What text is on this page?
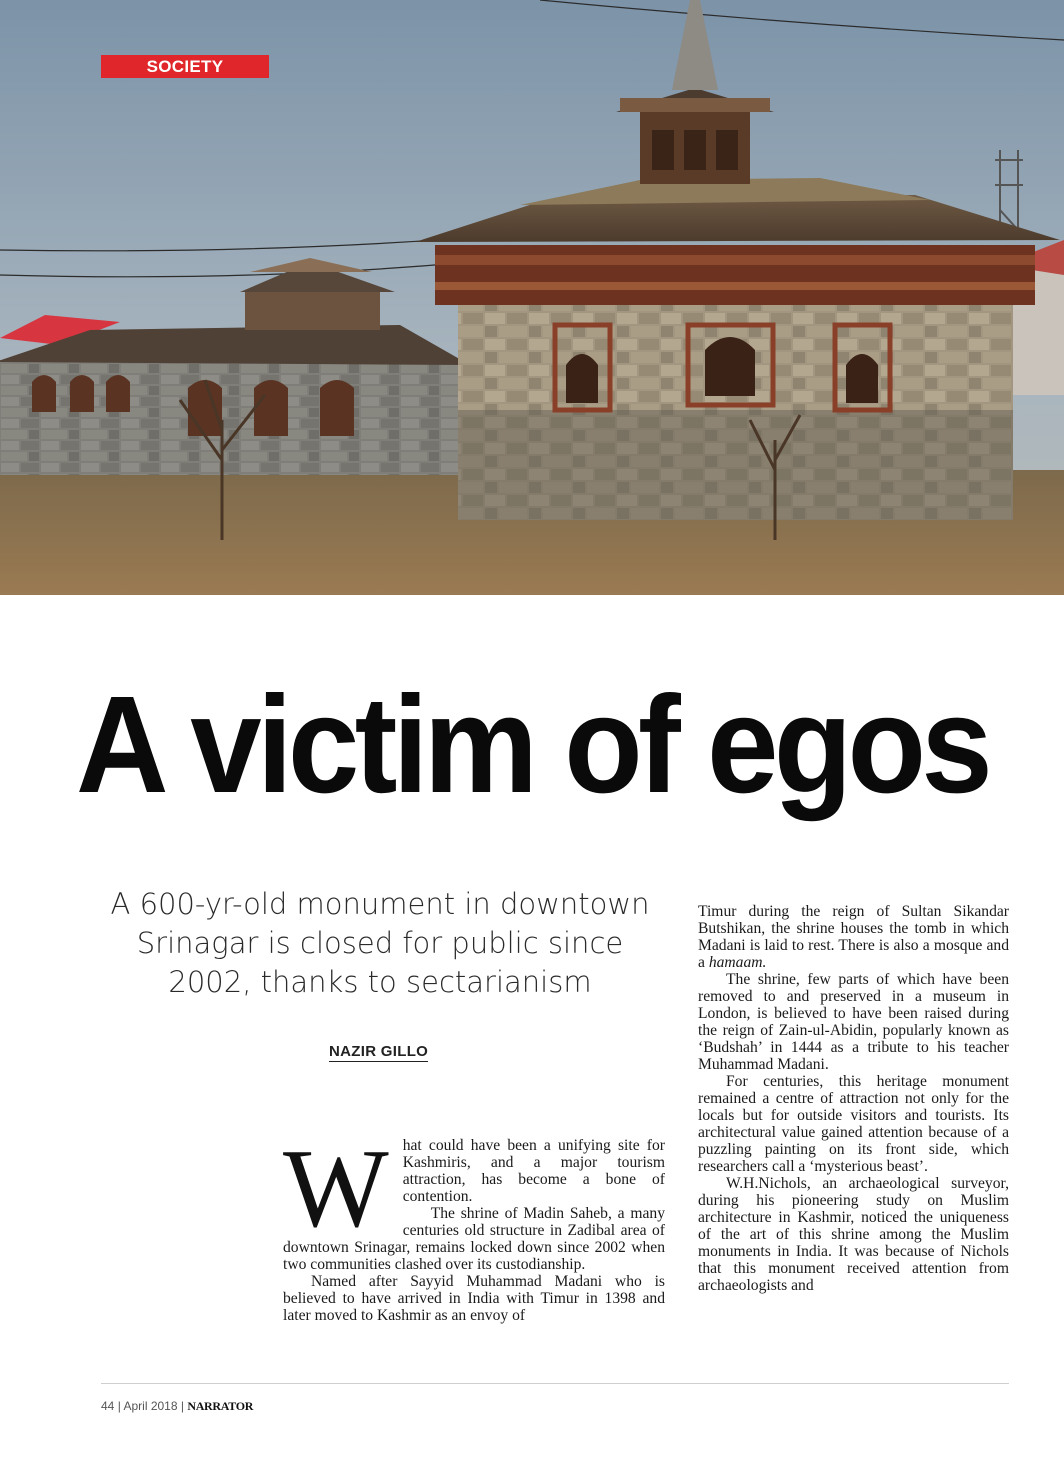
SOCIETY
A victim of egos

A 600-yr-old monument in downtown Srinagar is closed for public since 2002, thanks to sectarianism

NAZIR GILLO

What could have been a unifying site for Kashmiris, and a major tourism attraction, has become a bone of contention.

The shrine of Madin Saheb, a many centuries old structure in Zadibal area of downtown Srinagar, remains locked down since 2002 when two communities clashed over its custodianship.

Named after Sayyid Muhammad Madani who is believed to have arrived in India with Timur in 1398 and later moved to Kashmir as an envoy of

Timur during the reign of Sultan Sikandar Butshikan, the shrine houses the tomb in which Madani is laid to rest. There is also a mosque and a hamaam.

The shrine, few parts of which have been removed to and preserved in a museum in London, is believed to have been raised during the reign of Zain-ul-Abidin, popularly known as ‘Budshah’ in 1444 as a tribute to his teacher Muhammad Madani.

For centuries, this heritage monument remained a centre of attraction not only for the locals but for outside visitors and tourists. Its architectural value gained attention because of a puzzling painting on its front side, which researchers call a ‘mysterious beast’.

W.H.Nichols, an archaeological surveyor, during his pioneering study on Muslim architecture in Kashmir, noticed the uniqueness of the art of this shrine among the Muslim monuments in India. It was because of Nichols that this monument received attention from archaeologists and

44 | April 2018 | NARRATOR
